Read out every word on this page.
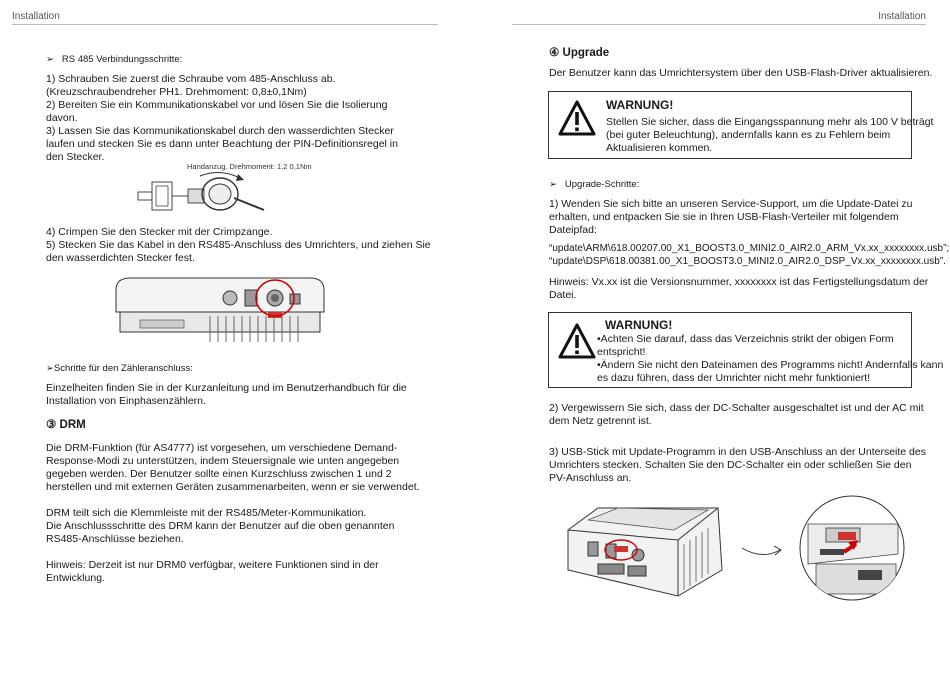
Installation
➢ RS 485 Verbindungsschritte:
1) Schrauben Sie zuerst die Schraube vom 485-Anschluss ab.
(Kreuzschraubendreher PH1. Drehmoment: 0,8±0,1Nm)
2) Bereiten Sie ein Kommunikationskabel vor und lösen Sie die Isolierung
davon.
3) Lassen Sie das Kommunikationskabel durch den wasserdichten Stecker
laufen und stecken Sie es dann unter Beachtung der PIN-Definitionsregel in
den Stecker.
Handanzug. Drehmoment: 1,2 0,1Nm
4) Crimpen Sie den Stecker mit der Crimpzange.
5) Stecken Sie das Kabel in den RS485-Anschluss des Umrichters, und ziehen Sie
den wasserdichten Stecker fest.
➢Schritte für den Zähleranschluss:
Einzelheiten finden Sie in der Kurzanleitung und im Benutzerhandbuch für die
Installation von Einphasenzählern.
③ DRM
Die DRM-Funktion (für AS4777) ist vorgesehen, um verschiedene Demand-
Response-Modi zu unterstützen, indem Steuersignale wie unten angegeben
gegeben werden. Der Benutzer sollte einen Kurzschluss zwischen 1 und 2
herstellen und mit externen Geräten zusammenarbeiten, wenn er sie verwendet.
DRM teilt sich die Klemmleiste mit der RS485/Meter-Kommunikation.
Die Anschlussschritte des DRM kann der Benutzer auf die oben genannten
RS485-Anschlüsse beziehen.
Hinweis: Derzeit ist nur DRM0 verfügbar, weitere Funktionen sind in der
Entwicklung.
Installation
④ Upgrade
Der Benutzer kann das Umrichtersystem über den USB-Flash-Driver aktualisieren.
WARNUNG!
Stellen Sie sicher, dass die Eingangsspannung mehr als 100 V beträgt
(bei guter Beleuchtung), andernfalls kann es zu Fehlern beim
Aktualisieren kommen.
➢ Upgrade-Schritte:
1) Wenden Sie sich bitte an unseren Service-Support, um die Update-Datei zu
erhalten, und entpacken Sie sie in Ihren USB-Flash-Verteiler mit folgendem
Dateipfad:
“update\ARM\618.00207.00_X1_BOOST3.0_MINI2.0_AIR2.0_ARM_Vx.xx_xxxxxxxx.usb”;
“update\DSP\618.00381.00_X1_BOOST3.0_MINI2.0_AIR2.0_DSP_Vx.xx_xxxxxxxx.usb”.
Hinweis: Vx.xx ist die Versionsnummer, xxxxxxxx ist das Fertigstellungsdatum der
Datei.
WARNUNG!
•Achten Sie darauf, dass das Verzeichnis strikt der obigen Form
entspricht!
•Ändern Sie nicht den Dateinamen des Programms nicht! Andernfalls kann
es dazu führen, dass der Umrichter nicht mehr funktioniert!
2) Vergewissern Sie sich, dass der DC-Schalter ausgeschaltet ist und der AC mit
dem Netz getrennt ist.
3) USB-Stick mit Update-Programm in den USB-Anschluss an der Unterseite des
Umrichters stecken. Schalten Sie den DC-Schalter ein oder schließen Sie den
PV-Anschluss an.
